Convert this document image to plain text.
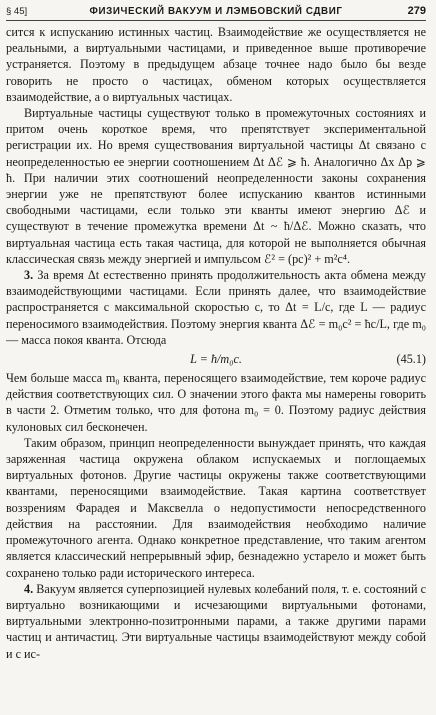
§ 45]	ФИЗИЧЕСКИЙ ВАКУУМ И ЛЭМБОВСКИЙ СДВИГ	279

сится к испусканию истинных частиц. Взаимодействие же осуществляется не реальными, а виртуальными частицами, и приведенное выше противоречие устраняется. Поэтому в предыдущем абзаце точнее надо было бы везде говорить не просто о частицах, обменом которых осуществляется взаимодействие, а о виртуальных частицах.

Виртуальные частицы существуют только в промежуточных состояниях и притом очень короткое время, что препятствует экспериментальной регистрации их. Но время существования виртуальной частицы Δt связано с неопределенностью ее энергии соотношением Δt Δℰ ⩾ ħ. Аналогично Δx Δp ⩾ ħ. При наличии этих соотношений неопределенности законы сохранения энергии уже не препятствуют более испусканию квантов истинными свободными частицами, если только эти кванты имеют энергию Δℰ и существуют в течение промежутка времени Δt ~ ħ/Δℰ. Можно сказать, что виртуальная частица есть такая частица, для которой не выполняется обычная классическая связь между энергией и импульсом ℰ² = (pc)² + m²c⁴.

3. За время Δt естественно принять продолжительность акта обмена между взаимодействующими частицами. Если принять далее, что взаимодействие распространяется с максимальной скоростью c, то Δt = L/c, где L — радиус переносимого взаимодействия. Поэтому энергия кванта Δℰ = m₀c² = ħc/L, где m₀ — масса покоя кванта. Отсюда

L = ħ/m₀c.	(45.1)

Чем больше масса m₀ кванта, переносящего взаимодействие, тем короче радиус действия соответствующих сил. О значении этого факта мы намерены говорить в части 2. Отметим только, что для фотона m₀ = 0. Поэтому радиус действия кулоновых сил бесконечен.

Таким образом, принцип неопределенности вынуждает принять, что каждая заряженная частица окружена облаком испускаемых и поглощаемых виртуальных фотонов. Другие частицы окружены также соответствующими квантами, переносящими взаимодействие. Такая картина соответствует воззрениям Фарадея и Максвелла о недопустимости непосредственного действия на расстоянии. Для взаимодействия необходимо наличие промежуточного агента. Однако конкретное представление, что таким агентом является классический непрерывный эфир, безнадежно устарело и может быть сохранено только ради исторического интереса.

4. Вакуум является суперпозицией нулевых колебаний поля, т. е. состояний с виртуально возникающими и исчезающими виртуальными фотонами, виртуальными электронно-позитронными парами, а также другими парами частиц и античастиц. Эти виртуальные частицы взаимодействуют между собой и с ис-
